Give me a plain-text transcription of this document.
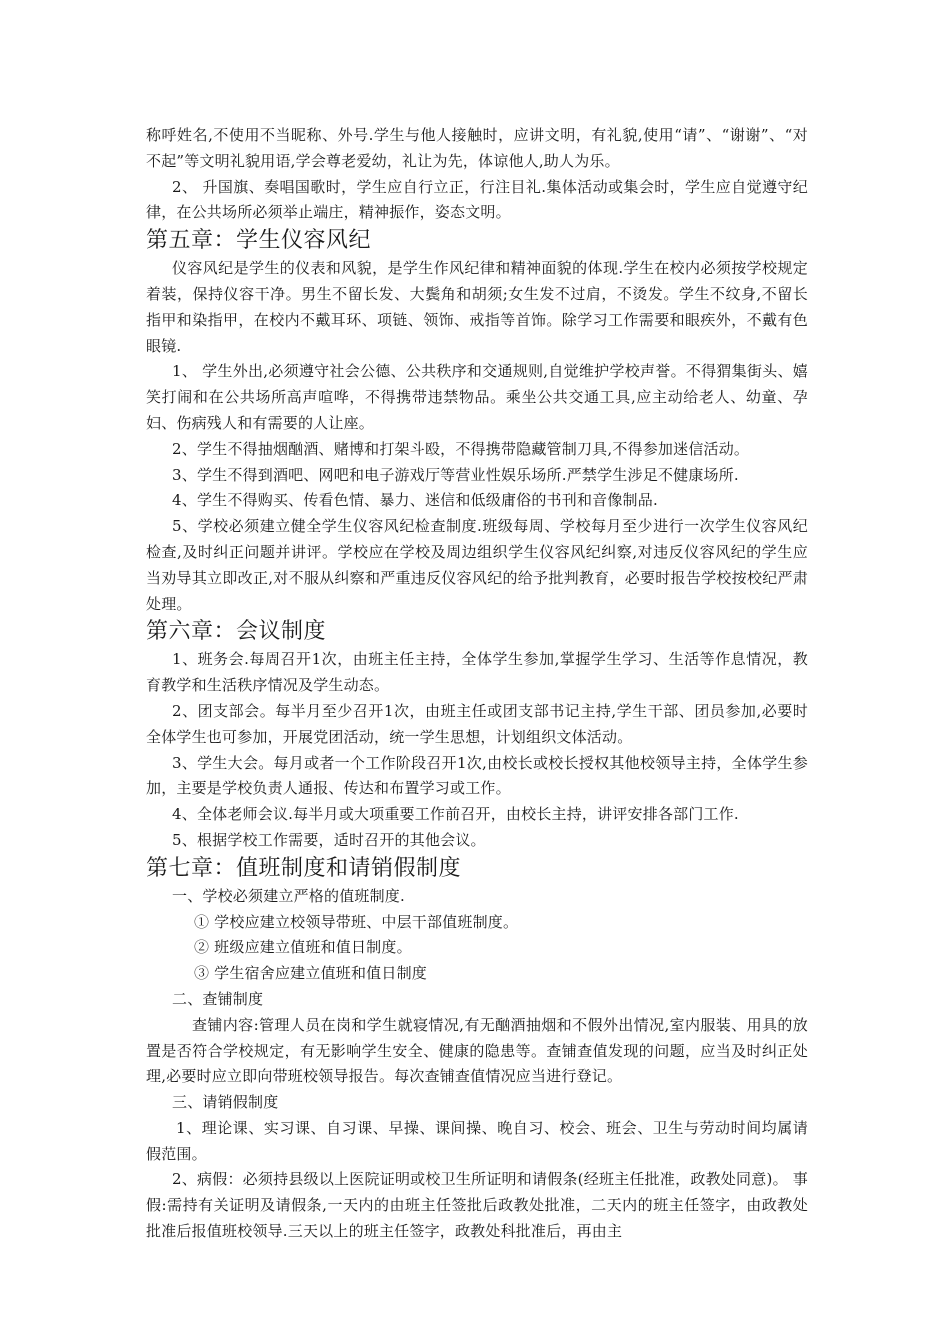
称呼姓名,不使用不当昵称、外号.学生与他人接触时，应讲文明，有礼貌,使用“请”、“谢谢”、“对不起”等文明礼貌用语,学会尊老爱幼，礼让为先，体谅他人,助人为乐。

2、 升国旗、奏唱国歌时，学生应自行立正，行注目礼.集体活动或集会时，学生应自觉遵守纪律，在公共场所必须举止端庄，精神振作，姿态文明。

第五章：学生仪容风纪

仪容风纪是学生的仪表和风貌，是学生作风纪律和精神面貌的体现.学生在校内必须按学校规定着装，保持仪容干净。男生不留长发、大鬓角和胡须;女生发不过肩，不烫发。学生不纹身,不留长指甲和染指甲，在校内不戴耳环、项链、领饰、戒指等首饰。除学习工作需要和眼疾外，不戴有色眼镜.

1、 学生外出,必须遵守社会公德、公共秩序和交通规则,自觉维护学校声誉。不得猬集街头、嬉笑打闹和在公共场所高声喧哗，不得携带违禁物品。乘坐公共交通工具,应主动给老人、幼童、孕妇、伤病残人和有需要的人让座。

2、学生不得抽烟酗酒、赌博和打架斗殴，不得携带隐藏管制刀具,不得参加迷信活动。

3、学生不得到酒吧、网吧和电子游戏厅等营业性娱乐场所.严禁学生涉足不健康场所.

4、学生不得购买、传看色情、暴力、迷信和低级庸俗的书刊和音像制品.

5、学校必须建立健全学生仪容风纪检查制度.班级每周、学校每月至少进行一次学生仪容风纪检查,及时纠正问题并讲评。学校应在学校及周边组织学生仪容风纪纠察,对违反仪容风纪的学生应当劝导其立即改正,对不服从纠察和严重违反仪容风纪的给予批判教育，必要时报告学校按校纪严肃处理。

第六章：会议制度

1、班务会.每周召开1次，由班主任主持，全体学生参加,掌握学生学习、生活等作息情况，教育教学和生活秩序情况及学生动态。

2、团支部会。每半月至少召开1次，由班主任或团支部书记主持,学生干部、团员参加,必要时全体学生也可参加，开展党团活动，统一学生思想，计划组织文体活动。

3、学生大会。每月或者一个工作阶段召开1次,由校长或校长授权其他校领导主持，全体学生参加，主要是学校负责人通报、传达和布置学习或工作。

4、全体老师会议.每半月或大项重要工作前召开，由校长主持，讲评安排各部门工作.

5、根据学校工作需要，适时召开的其他会议。

第七章：值班制度和请销假制度

一、学校必须建立严格的值班制度.

① 学校应建立校领导带班、中层干部值班制度。

② 班级应建立值班和值日制度。

③ 学生宿舍应建立值班和值日制度

二、查铺制度

查铺内容:管理人员在岗和学生就寝情况,有无酗酒抽烟和不假外出情况,室内服装、用具的放置是否符合学校规定，有无影响学生安全、健康的隐患等。查铺查值发现的问题，应当及时纠正处理,必要时应立即向带班校领导报告。每次查铺查值情况应当进行登记。

三、请销假制度

1、理论课、实习课、自习课、早操、课间操、晚自习、校会、班会、卫生与劳动时间均属请假范围。

2、病假：必须持县级以上医院证明或校卫生所证明和请假条(经班主任批准，政教处同意)。 事假:需持有关证明及请假条,一天内的由班主任签批后政教处批准，二天内的班主任签字，由政教处批准后报值班校领导.三天以上的班主任签字，政教处科批准后，再由主
